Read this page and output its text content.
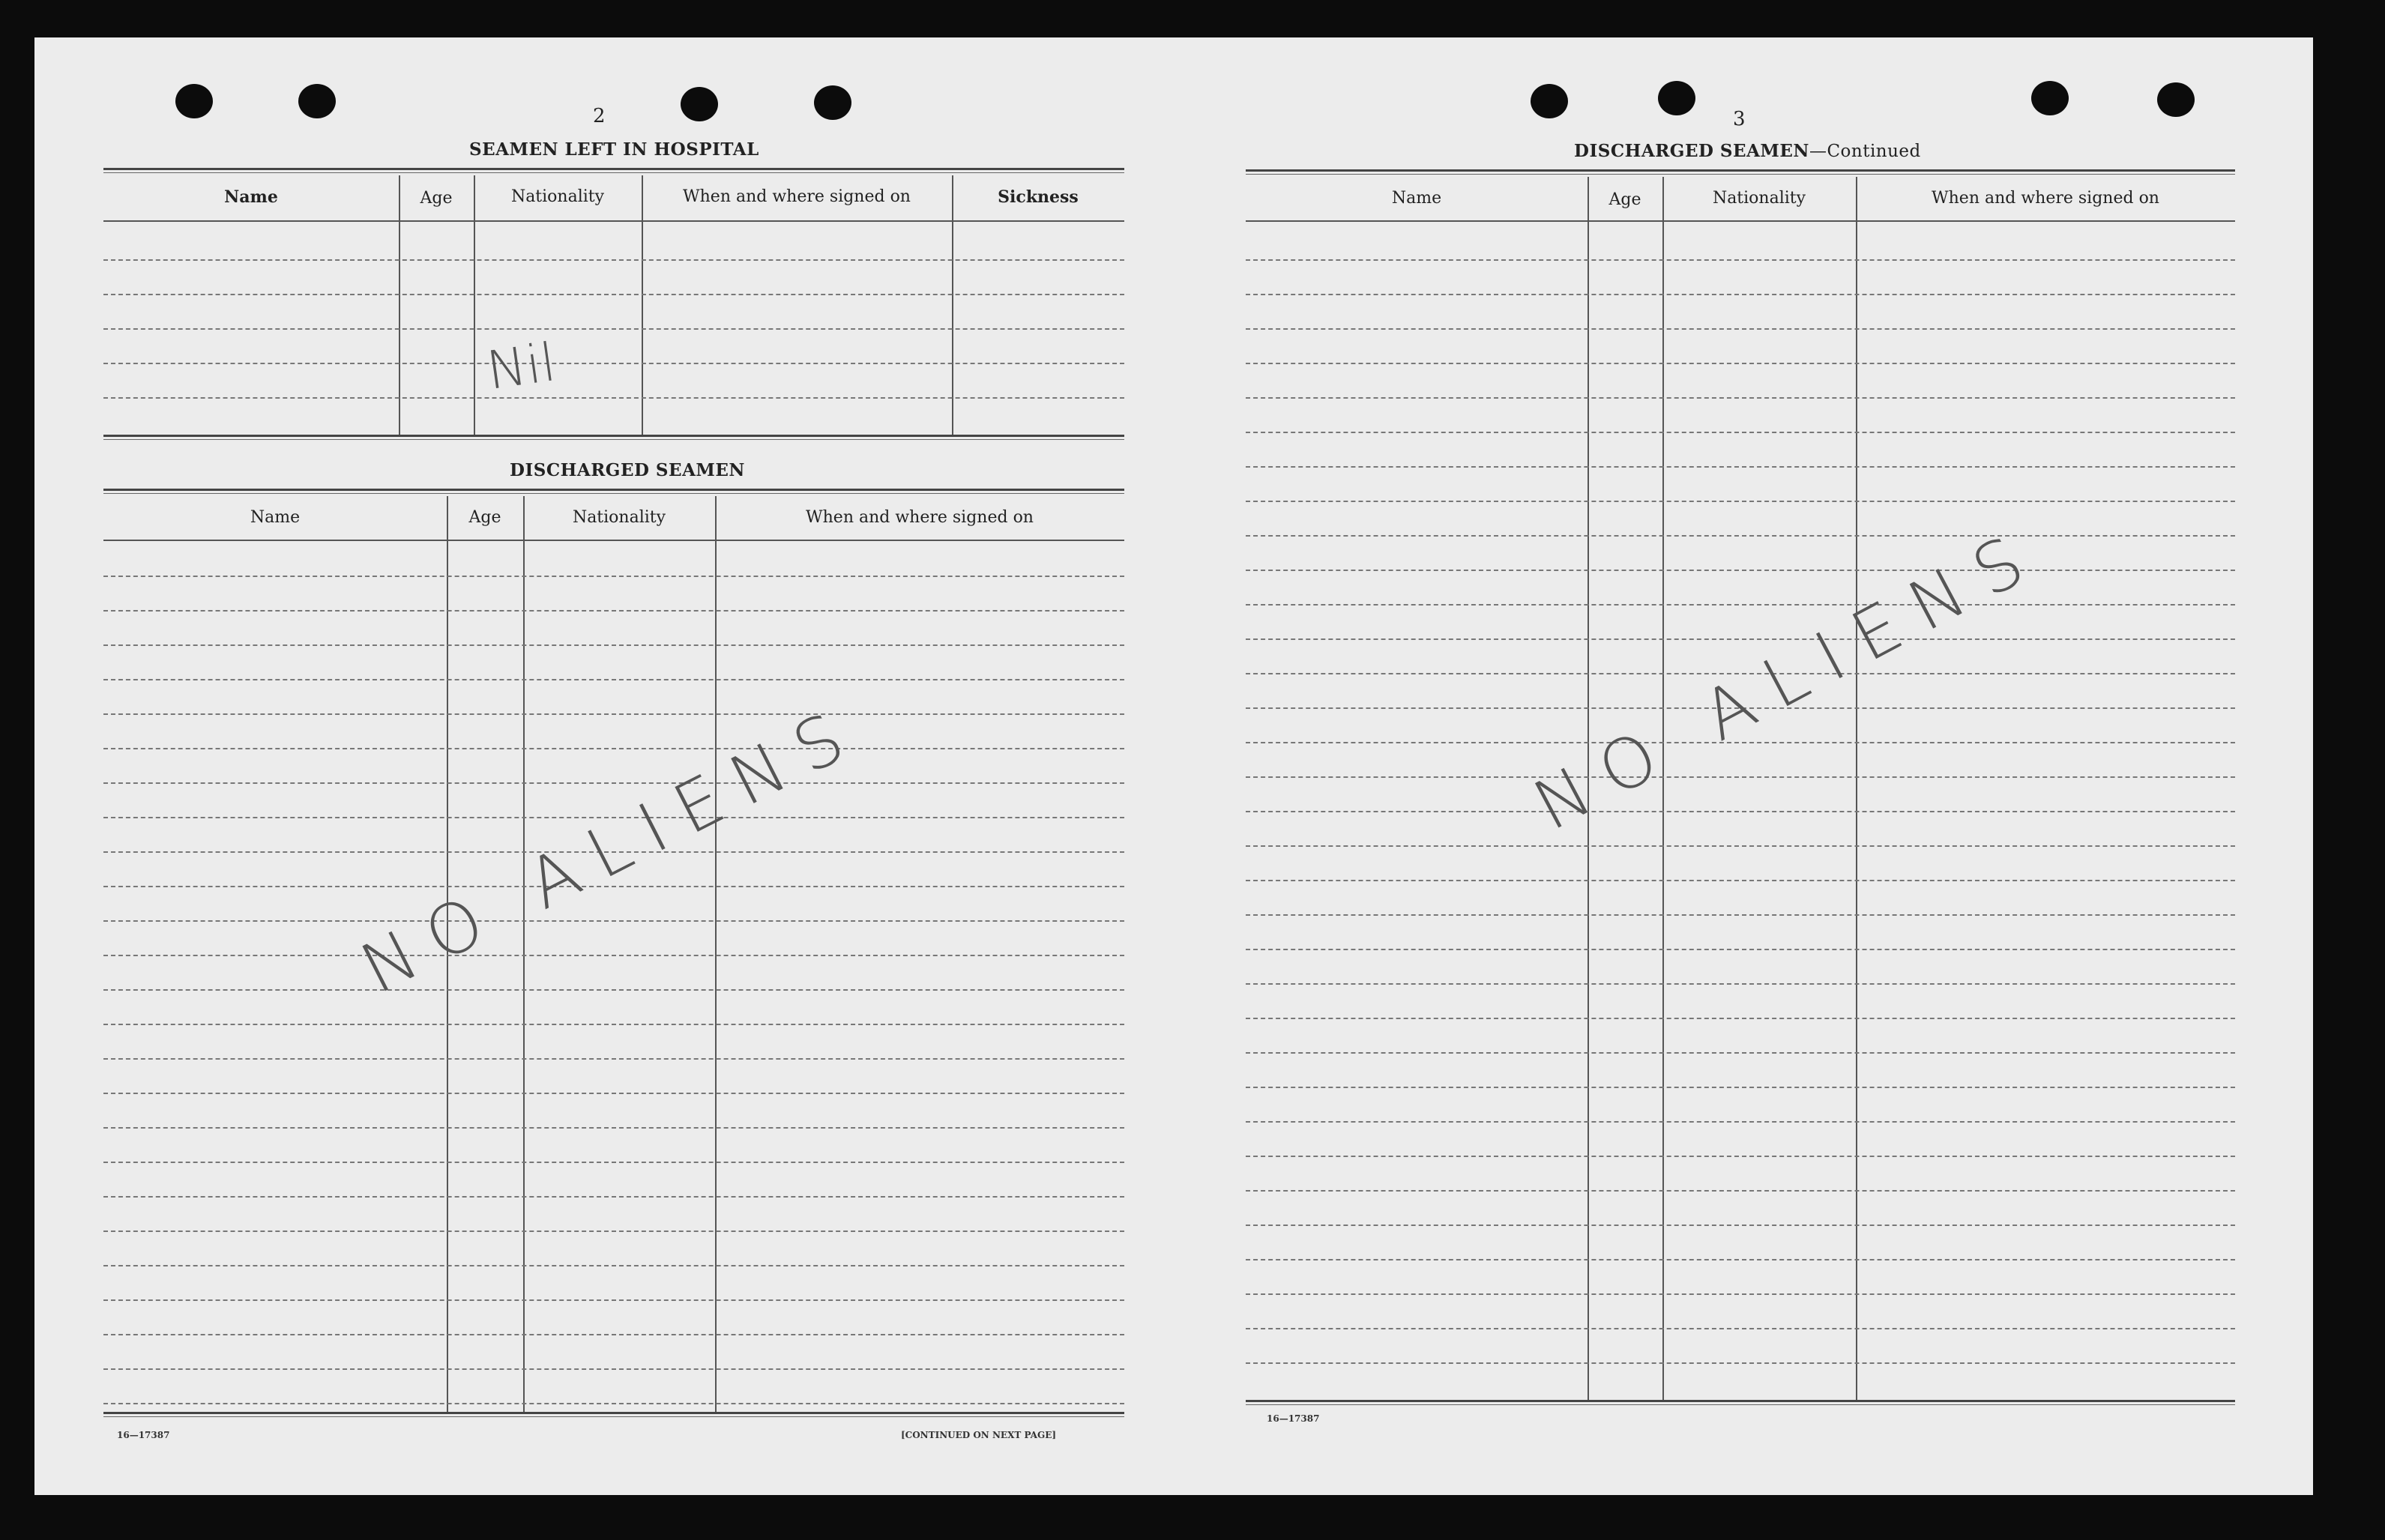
2
SEAMEN LEFT IN HOSPITAL
Name	Age	Nationality	When and where signed on	Sickness
Nil
DISCHARGED SEAMEN
Name	Age	Nationality	When and where signed on
NO ALIENS
16—17387	[CONTINUED ON NEXT PAGE]
3
DISCHARGED SEAMEN—Continued
Name	Age	Nationality	When and where signed on
NO ALIENS
16—17387
